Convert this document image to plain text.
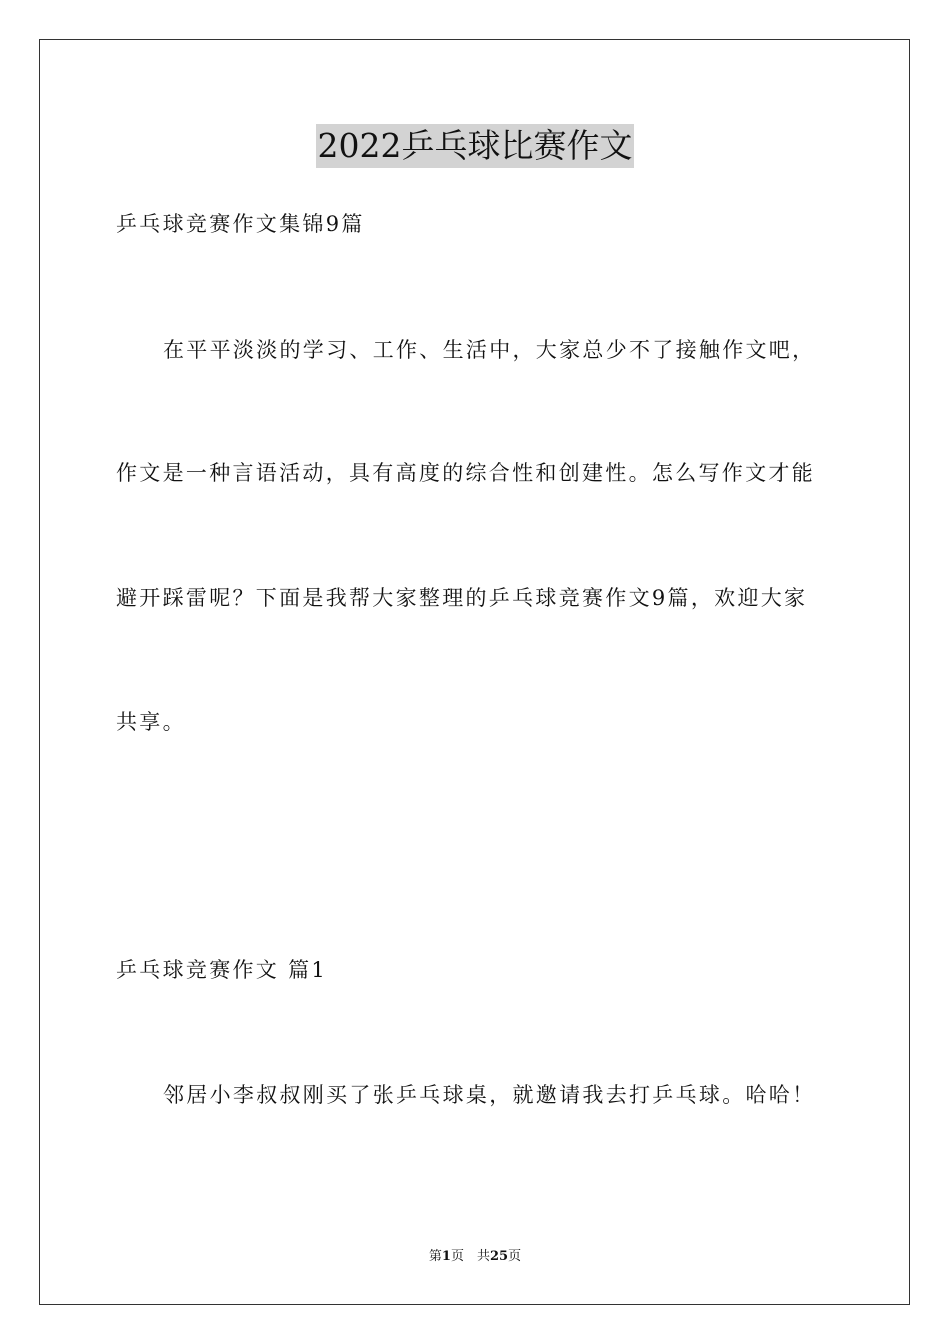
2022乒乓球比赛作文
乒乓球竞赛作文集锦9篇
在平平淡淡的学习、工作、生活中，大家总少不了接触作文吧，
作文是一种言语活动，具有高度的综合性和创建性。怎么写作文才能
避开踩雷呢？下面是我帮大家整理的乒乓球竞赛作文9篇，欢迎大家
共享。
乒乓球竞赛作文 篇1
邻居小李叔叔刚买了张乒乓球桌，就邀请我去打乒乓球。哈哈！
第1页　共25页
